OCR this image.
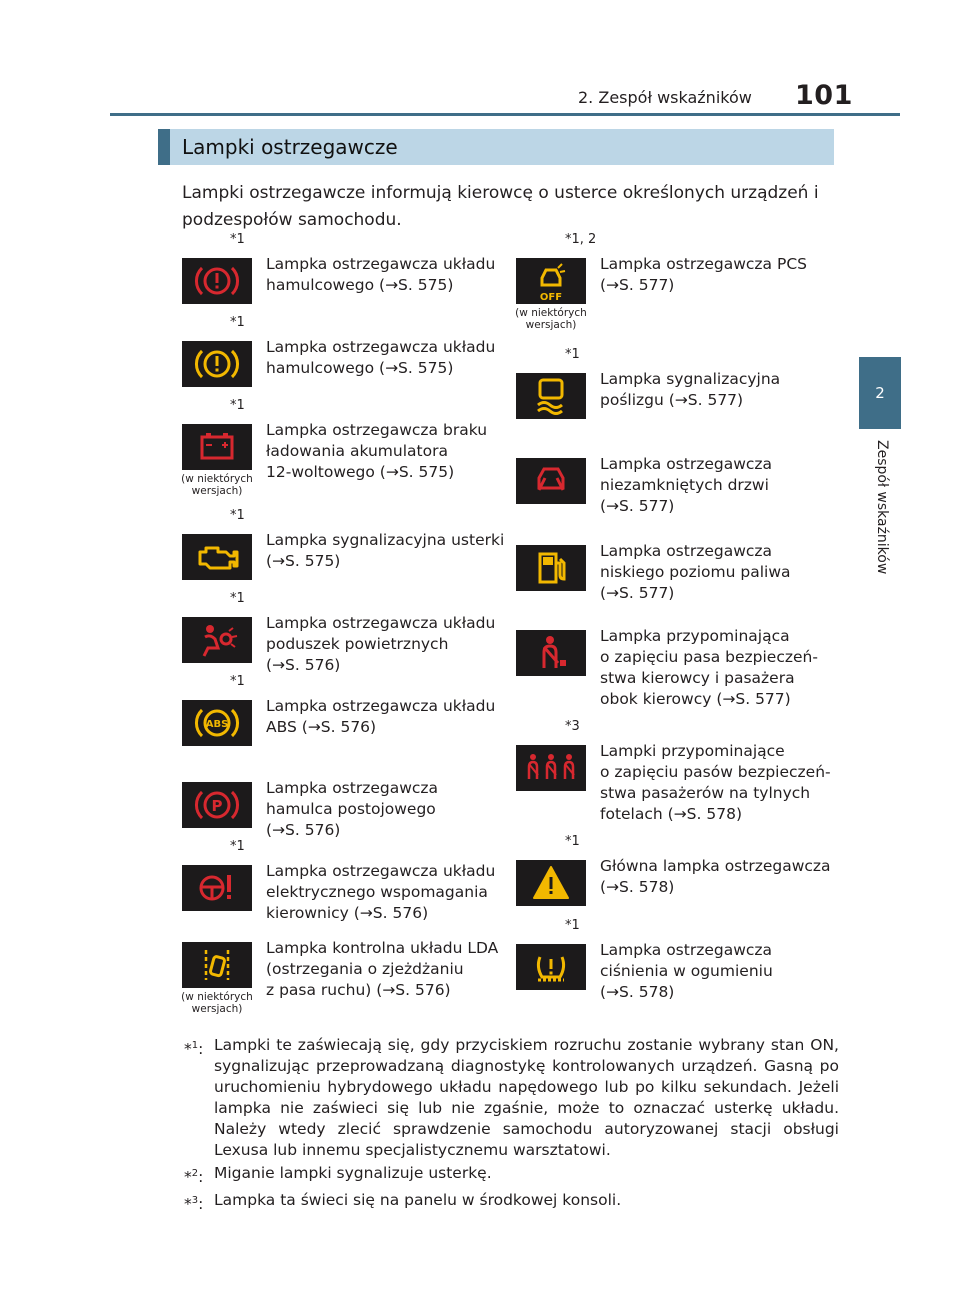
2. Zespół wskaźników 101
2
Zespół wskaźników
Lampki ostrzegawcze
Lampki ostrzegawcze informują kierowcę o usterce określonych urządzeń i podzespołów samochodu.
*1
Lampka ostrzegawcza układu
hamulcowego (→S. 575)
*1
Lampka ostrzegawcza układu
hamulcowego (→S. 575)
*1
(w niektórych wersjach)
Lampka ostrzegawcza braku
ładowania akumulatora
12-woltowego (→S. 575)
*1
Lampka sygnalizacyjna usterki
(→S. 575)
*1
Lampka ostrzegawcza układu
poduszek powietrznych
(→S. 576)
*1
ABS
Lampka ostrzegawcza układu
ABS (→S. 576)
P
Lampka ostrzegawcza
hamulca postojowego
(→S. 576)
*1
Lampka ostrzegawcza układu
elektrycznego wspomagania
kierownicy (→S. 576)
(w niektórych wersjach)
Lampka kontrolna układu LDA
(ostrzegania o zjeżdżaniu
z pasa ruchu) (→S. 576)
*1, 2
OFF
(w niektórych wersjach)
Lampka ostrzegawcza PCS
(→S. 577)
*1
Lampka sygnalizacyjna
poślizgu (→S. 577)
Lampka ostrzegawcza
niezamkniętych drzwi
(→S. 577)
Lampka ostrzegawcza
niskiego poziomu paliwa
(→S. 577)
Lampka przypominająca
o zapięciu pasa bezpieczeń-
stwa kierowcy i pasażera
obok kierowcy (→S. 577)
*3
Lampki przypominające
o zapięciu pasów bezpieczeń-
stwa pasażerów na tylnych
fotelach (→S. 578)
*1
Główna lampka ostrzegawcza
(→S. 578)
*1
Lampka ostrzegawcza
ciśnienia w ogumieniu
(→S. 578)
*$^1$: Lampki te zaświecają się, gdy przyciskiem rozruchu zostanie wybrany stan ON, sygnalizując przeprowadzaną diagnostykę kontrolowanych urządzeń. Gasną po uruchomieniu hybrydowego układu napędowego lub po kilku sekundach. Jeżeli lampka nie zaświeci się lub nie zgaśnie, może to oznaczać usterkę układu. Należy wtedy zlecić sprawdzenie samochodu autoryzowanej stacji obsługi Lexusa lub innemu specjalistycznemu warsztatowi.
*$^2$: Miganie lampki sygnalizuje usterkę.
*$^3$: Lampka ta świeci się na panelu w środkowej konsoli.
